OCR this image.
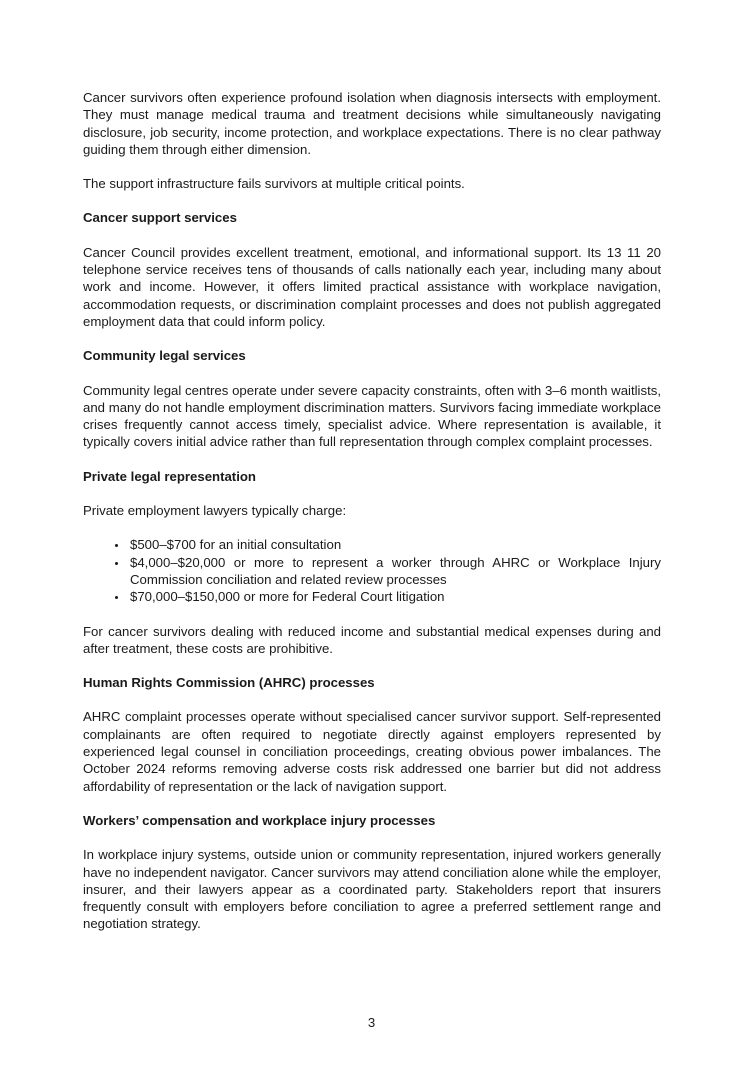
Cancer survivors often experience profound isolation when diagnosis intersects with employment. They must manage medical trauma and treatment decisions while simultaneously navigating disclosure, job security, income protection, and workplace expectations. There is no clear pathway guiding them through either dimension.

The support infrastructure fails survivors at multiple critical points.

Cancer support services

Cancer Council provides excellent treatment, emotional, and informational support. Its 13 11 20 telephone service receives tens of thousands of calls nationally each year, including many about work and income. However, it offers limited practical assistance with workplace navigation, accommodation requests, or discrimination complaint processes and does not publish aggregated employment data that could inform policy.

Community legal services

Community legal centres operate under severe capacity constraints, often with 3–6 month waitlists, and many do not handle employment discrimination matters. Survivors facing immediate workplace crises frequently cannot access timely, specialist advice. Where representation is available, it typically covers initial advice rather than full representation through complex complaint processes.

Private legal representation

Private employment lawyers typically charge:

• $500–$700 for an initial consultation
• $4,000–$20,000 or more to represent a worker through AHRC or Workplace Injury Commission conciliation and related review processes
• $70,000–$150,000 or more for Federal Court litigation

For cancer survivors dealing with reduced income and substantial medical expenses during and after treatment, these costs are prohibitive.

Human Rights Commission (AHRC) processes

AHRC complaint processes operate without specialised cancer survivor support. Self-represented complainants are often required to negotiate directly against employers represented by experienced legal counsel in conciliation proceedings, creating obvious power imbalances. The October 2024 reforms removing adverse costs risk addressed one barrier but did not address affordability of representation or the lack of navigation support.

Workers’ compensation and workplace injury processes

In workplace injury systems, outside union or community representation, injured workers generally have no independent navigator. Cancer survivors may attend conciliation alone while the employer, insurer, and their lawyers appear as a coordinated party. Stakeholders report that insurers frequently consult with employers before conciliation to agree a preferred settlement range and negotiation strategy.

3
